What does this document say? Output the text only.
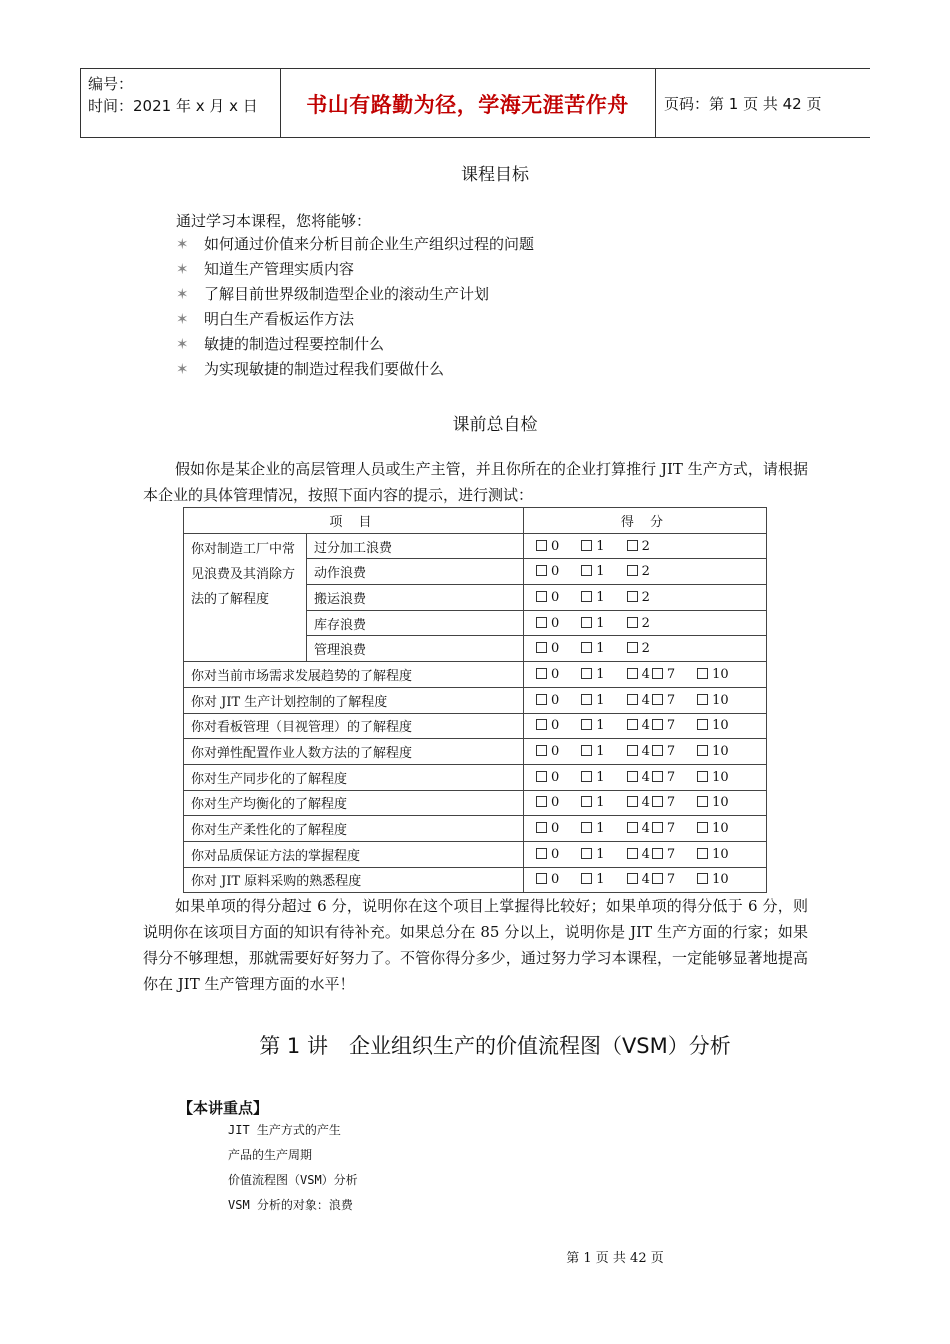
编号：
时间：2021 年 x 月 x 日	书山有路勤为径，学海无涯苦作舟	页码：第 1 页 共 42 页
课程目标
通过学习本课程，您将能够：
✶ 如何通过价值来分析目前企业生产组织过程的问题
✶ 知道生产管理实质内容
✶ 了解目前世界级制造型企业的滚动生产计划
✶ 明白生产看板运作方法
✶ 敏捷的制造过程要控制什么
✶ 为实现敏捷的制造过程我们要做什么
课前总自检
假如你是某企业的高层管理人员或生产主管，并且你所在的企业打算推行 JIT 生产方式，请根据本企业的具体管理情况，按照下面内容的提示，进行测试：
项 目		得 分
你对制造工厂中常见浪费及其消除方法的了解程度	过分加工浪费	0 1 2
	动作浪费	0 1 2
	搬运浪费	0 1 2
	库存浪费	0 1 2
	管理浪费	0 1 2
你对当前市场需求发展趋势的了解程度		0 1 4 7 10
你对 JIT 生产计划控制的了解程度		0 1 4 7 10
你对看板管理（目视管理）的了解程度		0 1 4 7 10
你对弹性配置作业人数方法的了解程度		0 1 4 7 10
你对生产同步化的了解程度		0 1 4 7 10
你对生产均衡化的了解程度		0 1 4 7 10
你对生产柔性化的了解程度		0 1 4 7 10
你对品质保证方法的掌握程度		0 1 4 7 10
你对 JIT 原料采购的熟悉程度		0 1 4 7 10
如果单项的得分超过 6 分，说明你在这个项目上掌握得比较好；如果单项的得分低于 6 分，则说明你在该项目方面的知识有待补充。如果总分在 85 分以上，说明你是 JIT 生产方面的行家；如果得分不够理想，那就需要好好努力了。不管你得分多少，通过努力学习本课程，一定能够显著地提高你在 JIT 生产管理方面的水平！
第 1 讲　企业组织生产的价值流程图（VSM）分析
【本讲重点】
JIT 生产方式的产生
产品的生产周期
价值流程图（VSM）分析
VSM 分析的对象：浪费
第 1 页 共 42 页
